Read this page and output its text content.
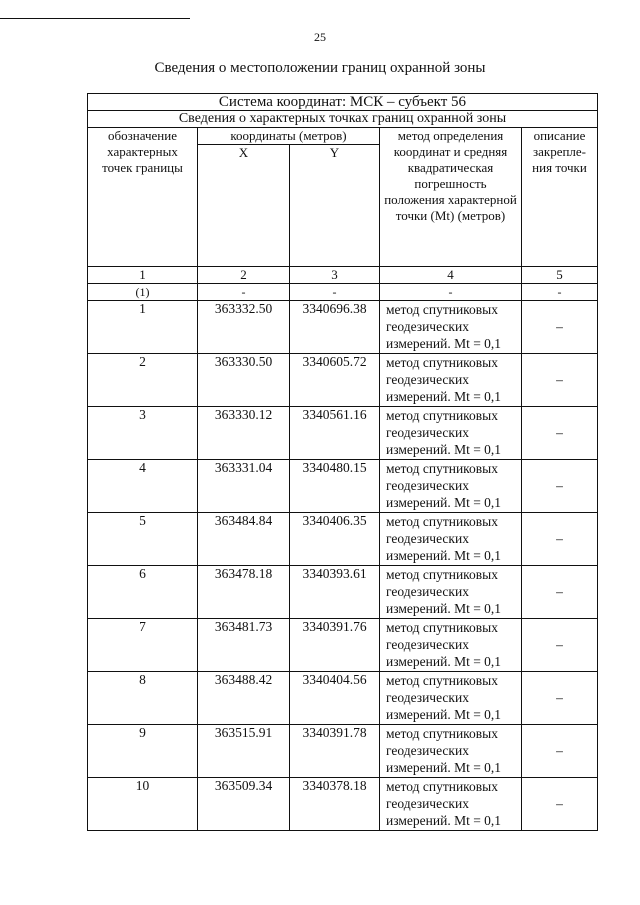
25
Сведения о местоположении границ охранной зоны
Система координат: МСК – субъект 56				
Сведения о характерных точках границ охранной зоны				
обозначение характерных точек границы	координаты (метров)		метод определения координат и средняя квадратическая погрешность положения характерной точки (Mt) (метров)	описание закрепле-ния точки
	X	Y		
1	2	3	4	5
(1)	-	-	-	-
1	363332.50	3340696.38	метод спутниковых геодезических измерений. Mt = 0,1	–
2	363330.50	3340605.72	метод спутниковых геодезических измерений. Mt = 0,1	–
3	363330.12	3340561.16	метод спутниковых геодезических измерений. Mt = 0,1	–
4	363331.04	3340480.15	метод спутниковых геодезических измерений. Mt = 0,1	–
5	363484.84	3340406.35	метод спутниковых геодезических измерений. Mt = 0,1	–
6	363478.18	3340393.61	метод спутниковых геодезических измерений. Mt = 0,1	–
7	363481.73	3340391.76	метод спутниковых геодезических измерений. Mt = 0,1	–
8	363488.42	3340404.56	метод спутниковых геодезических измерений. Mt = 0,1	–
9	363515.91	3340391.78	метод спутниковых геодезических измерений. Mt = 0,1	–
10	363509.34	3340378.18	метод спутниковых геодезических измерений. Mt = 0,1	–
